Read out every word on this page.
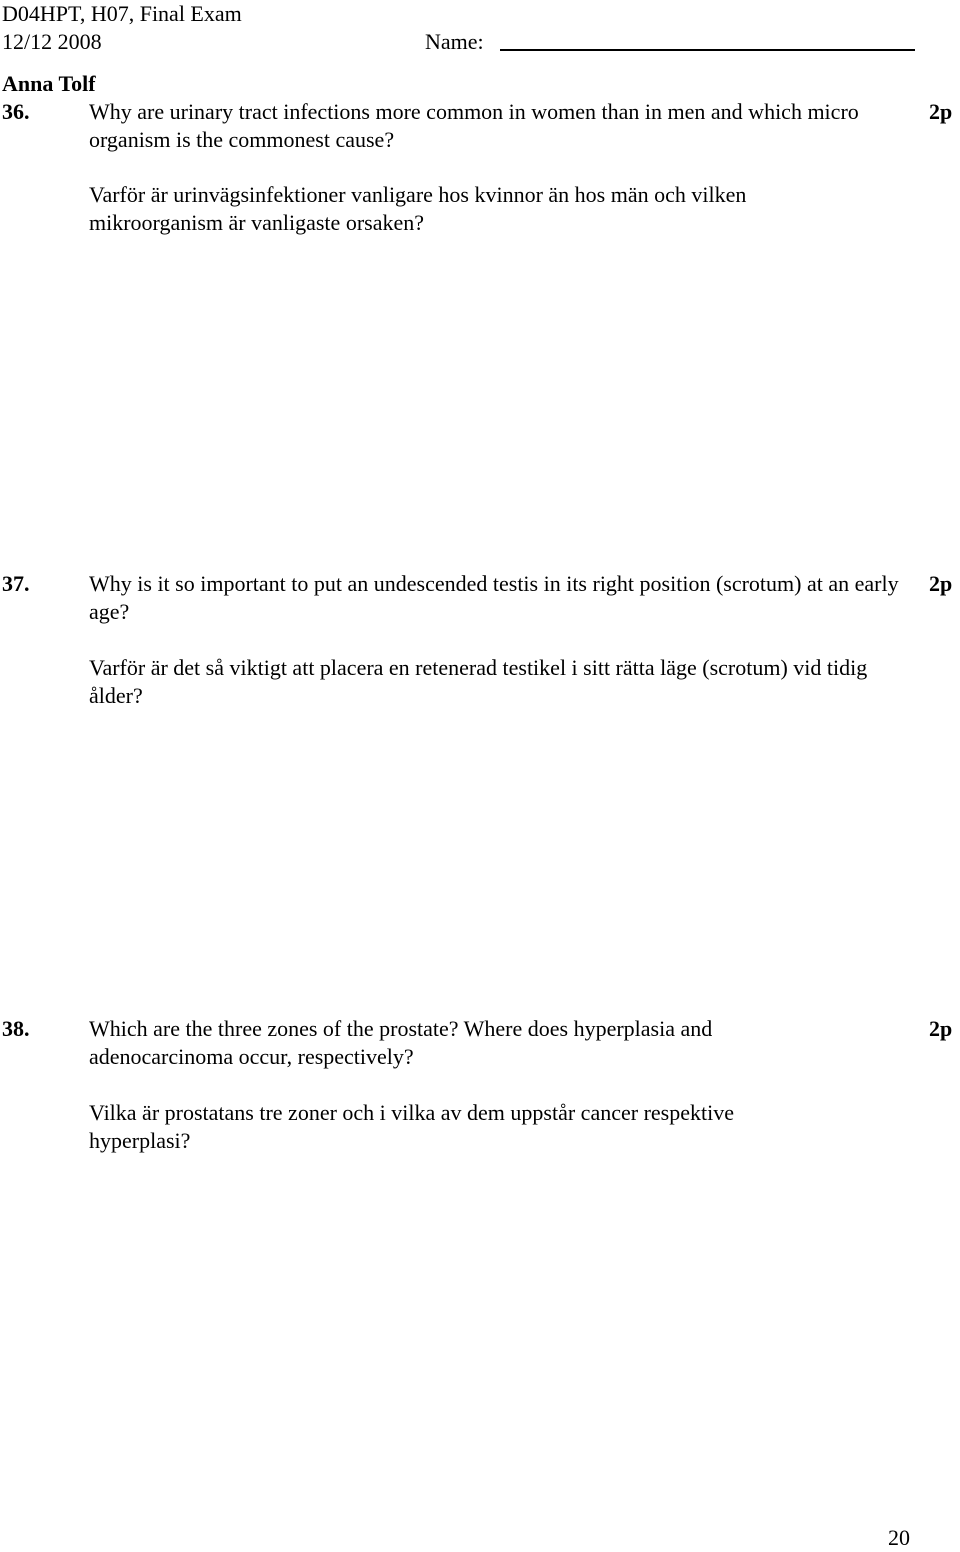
D04HPT, H07, Final Exam
12/12 2008	Name:
Anna Tolf
36.	Why are urinary tract infections more common in women than in men and which micro organism is the commonest cause?
2p
Varför är urinvägsinfektioner vanligare hos kvinnor än hos män och vilken mikroorganism är vanligaste orsaken?
37.	Why is it so important to put an undescended testis in its right position (scrotum) at an early age?
2p
Varför är det så viktigt att placera en retenerad testikel i sitt rätta läge (scrotum) vid tidig ålder?
38.	Which are the three zones of the prostate? Where does hyperplasia and adenocarcinoma occur, respectively?
2p
Vilka är prostatans tre zoner och i vilka av dem uppstår cancer respektive hyperplasi?
20
